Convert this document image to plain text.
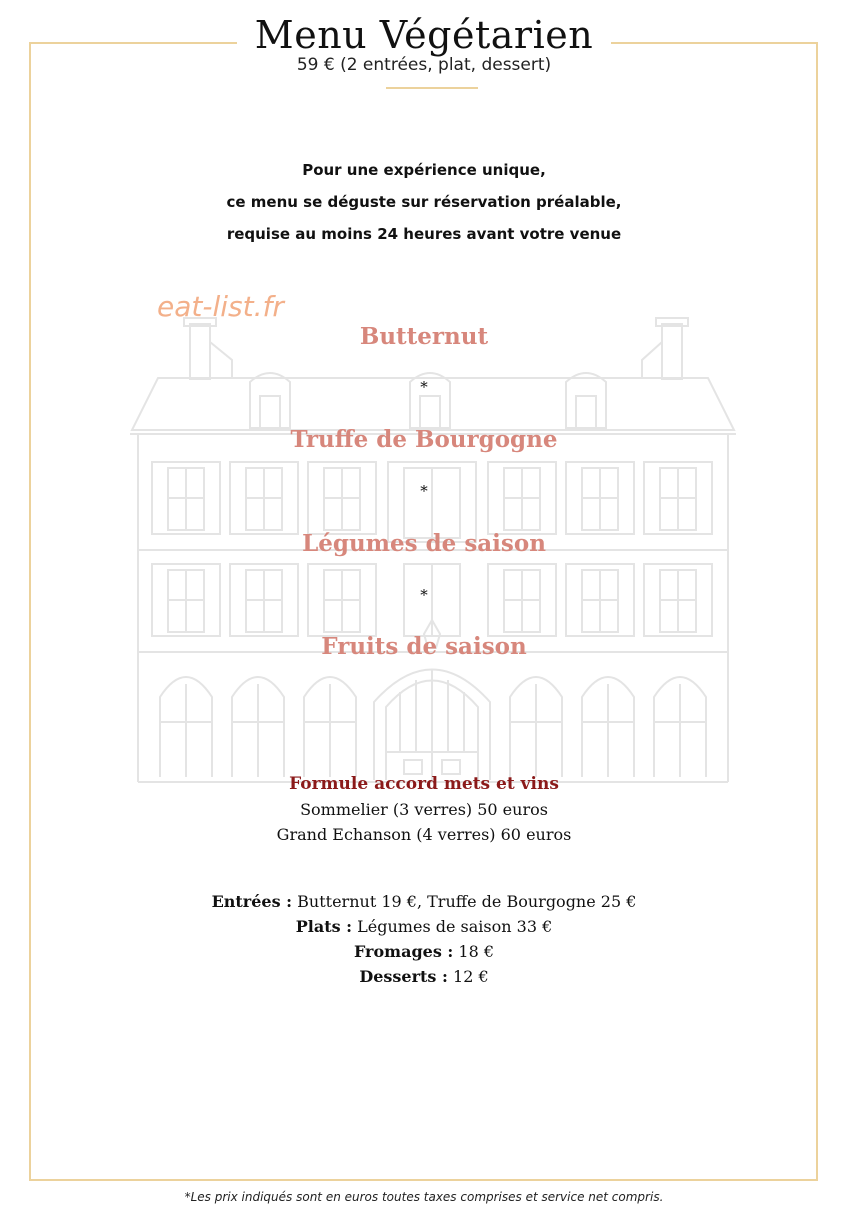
Menu Végétarien
59 € (2 entrées, plat, dessert)
Pour une expérience unique,
ce menu se déguste sur réservation préalable,
requise au moins 24 heures avant votre venue
eat-list.fr
Butternut
*
Truffe de Bourgogne
*
Légumes de saison
*
Fruits de saison
Formule accord mets et vins
Sommelier (3 verres) 50 euros
Grand Echanson (4 verres) 60 euros
Entrées : Butternut 19 €, Truffe de Bourgogne 25 €
Plats : Légumes de saison 33 €
Fromages : 18 €
Desserts : 12 €
*Les prix indiqués sont en euros toutes taxes comprises et service net compris.
